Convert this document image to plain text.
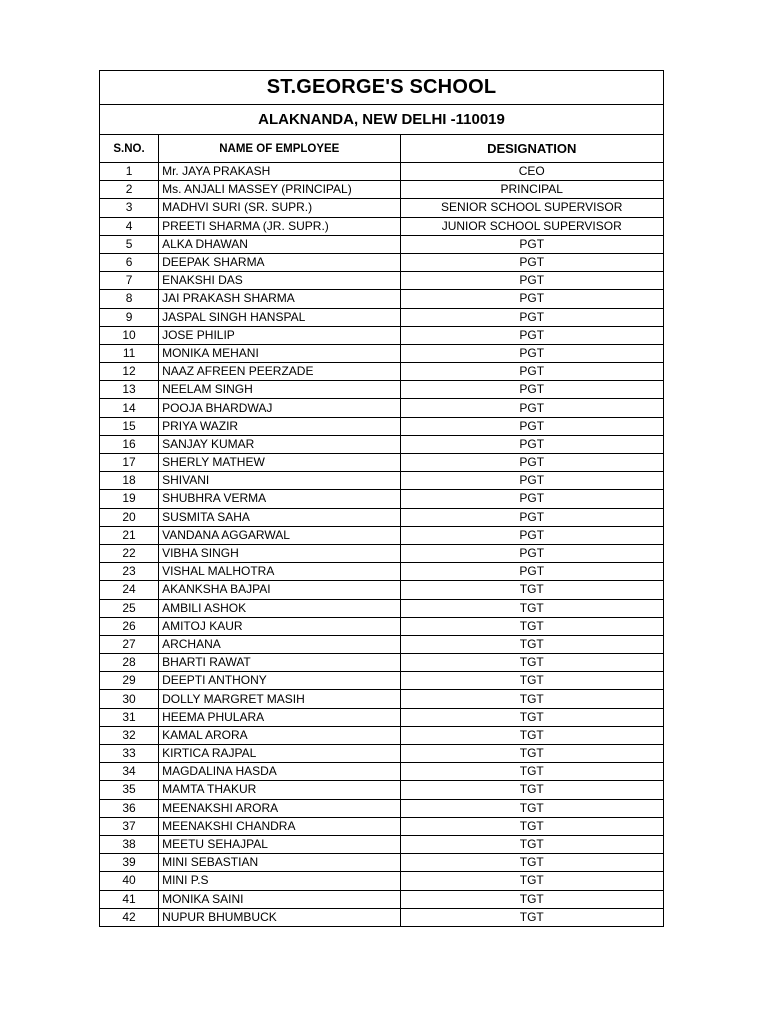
ST.GEORGE'S SCHOOL		
ALAKNANDA, NEW DELHI -110019		
S.NO.	NAME OF EMPLOYEE	DESIGNATION
1	Mr. JAYA PRAKASH	CEO
2	Ms. ANJALI MASSEY (PRINCIPAL)	PRINCIPAL
3	MADHVI SURI (SR. SUPR.)	SENIOR SCHOOL SUPERVISOR
4	PREETI SHARMA (JR. SUPR.)	JUNIOR SCHOOL SUPERVISOR
5	ALKA DHAWAN	PGT
6	DEEPAK SHARMA	PGT
7	ENAKSHI DAS	PGT
8	JAI PRAKASH SHARMA	PGT
9	JASPAL SINGH HANSPAL	PGT
10	JOSE PHILIP	PGT
11	MONIKA MEHANI	PGT
12	NAAZ AFREEN PEERZADE	PGT
13	NEELAM SINGH	PGT
14	POOJA BHARDWAJ	PGT
15	PRIYA WAZIR	PGT
16	SANJAY KUMAR	PGT
17	SHERLY MATHEW	PGT
18	SHIVANI	PGT
19	SHUBHRA VERMA	PGT
20	SUSMITA SAHA	PGT
21	VANDANA AGGARWAL	PGT
22	VIBHA SINGH	PGT
23	VISHAL MALHOTRA	PGT
24	AKANKSHA BAJPAI	TGT
25	AMBILI ASHOK	TGT
26	AMITOJ KAUR	TGT
27	ARCHANA	TGT
28	BHARTI RAWAT	TGT
29	DEEPTI ANTHONY	TGT
30	DOLLY MARGRET MASIH	TGT
31	HEEMA PHULARA	TGT
32	KAMAL ARORA	TGT
33	KIRTICA RAJPAL	TGT
34	MAGDALINA HASDA	TGT
35	MAMTA THAKUR	TGT
36	MEENAKSHI ARORA	TGT
37	MEENAKSHI CHANDRA	TGT
38	MEETU SEHAJPAL	TGT
39	MINI SEBASTIAN	TGT
40	MINI P.S	TGT
41	MONIKA SAINI	TGT
42	NUPUR BHUMBUCK	TGT
